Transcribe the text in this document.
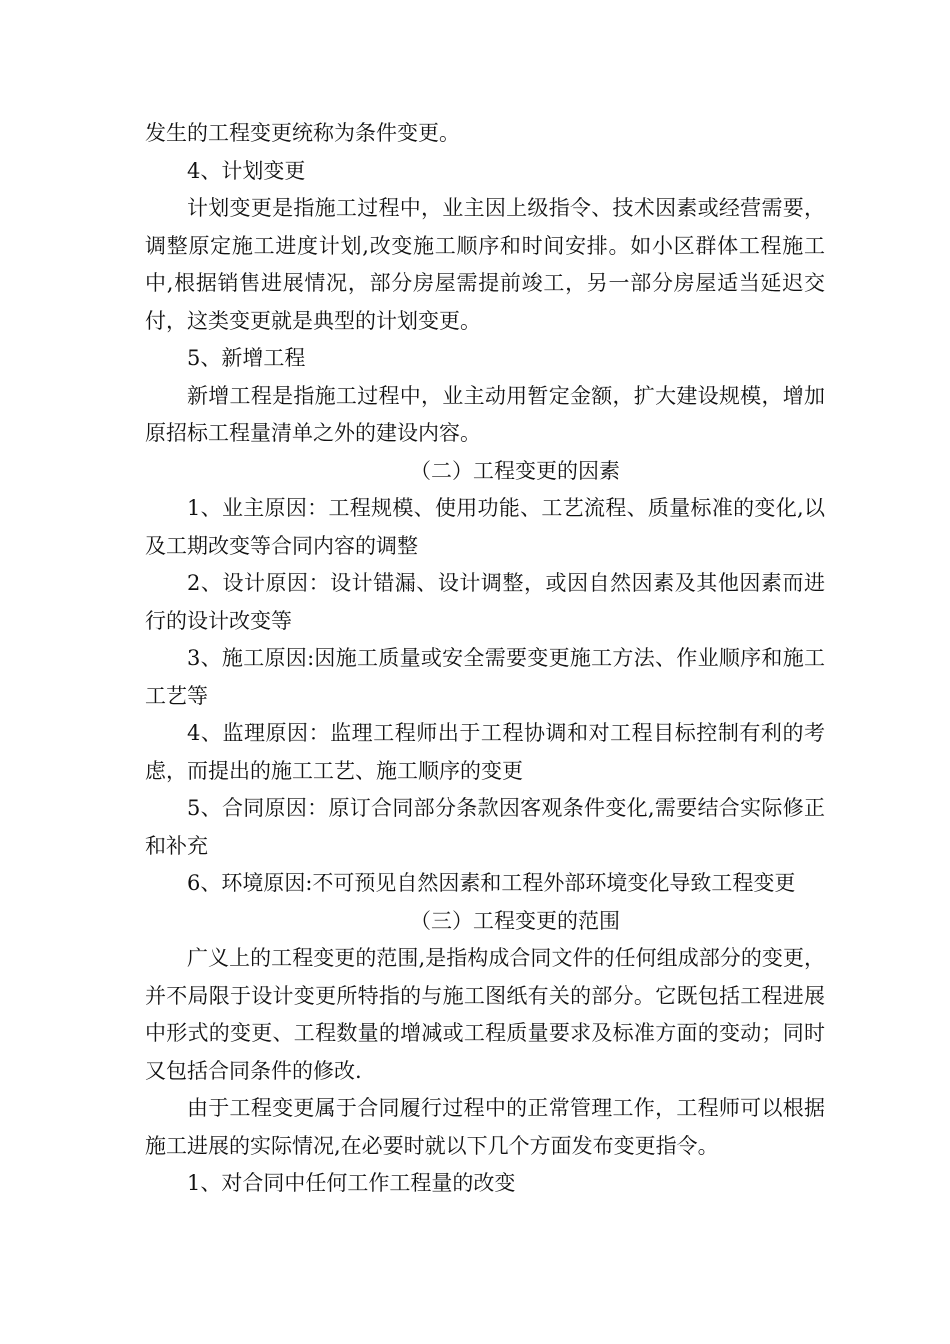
发生的工程变更统称为条件变更。

4、计划变更

计划变更是指施工过程中，业主因上级指令、技术因素或经营需要，调整原定施工进度计划,改变施工顺序和时间安排。如小区群体工程施工中,根据销售进展情况，部分房屋需提前竣工，另一部分房屋适当延迟交付，这类变更就是典型的计划变更。

5、新增工程

新增工程是指施工过程中，业主动用暂定金额，扩大建设规模，增加原招标工程量清单之外的建设内容。

（二）工程变更的因素

1、业主原因：工程规模、使用功能、工艺流程、质量标准的变化,以及工期改变等合同内容的调整

2、设计原因：设计错漏、设计调整，或因自然因素及其他因素而进行的设计改变等

3、施工原因:因施工质量或安全需要变更施工方法、作业顺序和施工工艺等

4、监理原因：监理工程师出于工程协调和对工程目标控制有利的考虑，而提出的施工工艺、施工顺序的变更

5、合同原因：原订合同部分条款因客观条件变化,需要结合实际修正和补充

6、环境原因:不可预见自然因素和工程外部环境变化导致工程变更

（三）工程变更的范围

广义上的工程变更的范围,是指构成合同文件的任何组成部分的变更，并不局限于设计变更所特指的与施工图纸有关的部分。它既包括工程进展中形式的变更、工程数量的增减或工程质量要求及标准方面的变动；同时又包括合同条件的修改.

由于工程变更属于合同履行过程中的正常管理工作，工程师可以根据施工进展的实际情况,在必要时就以下几个方面发布变更指令。

1、对合同中任何工作工程量的改变
